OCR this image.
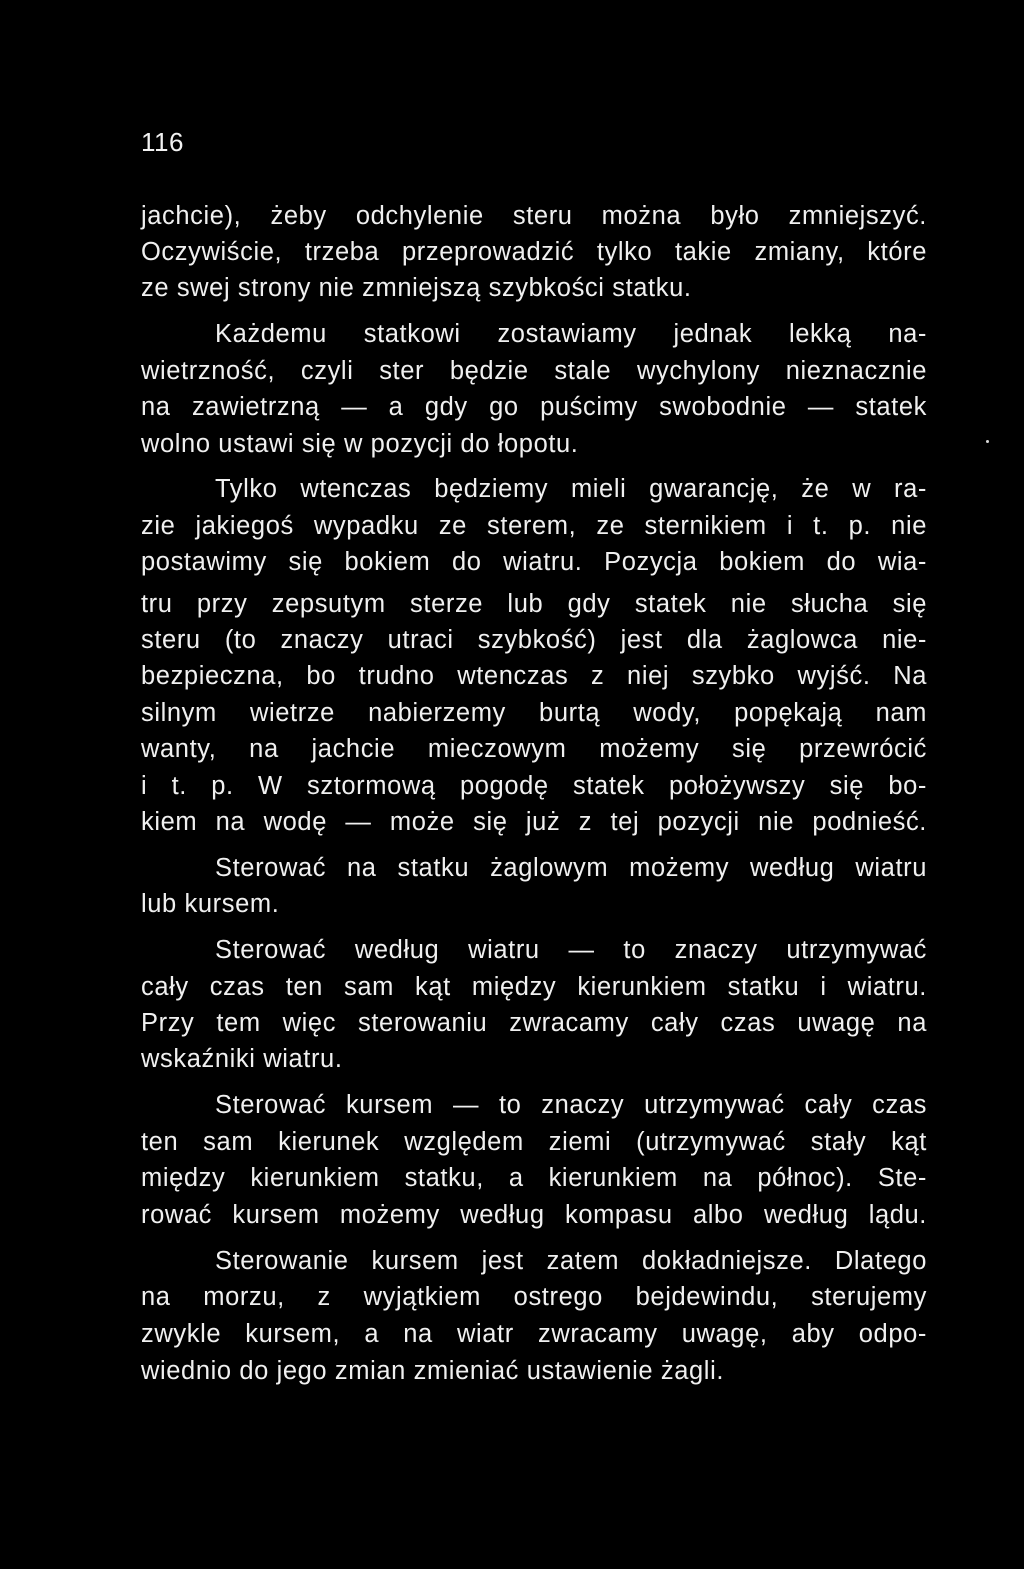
116
jachcie), żeby odchylenie steru można było zmniejszyć.
Oczywiście, trzeba przeprowadzić tylko takie zmiany, które
ze swej strony nie zmniejszą szybkości statku.
Każdemu statkowi zostawiamy jednak lekką na-
wietrzność, czyli ster będzie stale wychylony nieznacznie
na zawietrzną — a gdy go puścimy swobodnie — statek
wolno ustawi się w pozycji do łopotu.
Tylko wtenczas będziemy mieli gwarancję, że w ra-
zie jakiegoś wypadku ze sterem, ze sternikiem i t. p. nie
postawimy się bokiem do wiatru. Pozycja bokiem do wia-
tru przy zepsutym sterze lub gdy statek nie słucha się
steru (to znaczy utraci szybkość) jest dla żaglowca nie-
bezpieczna, bo trudno wtenczas z niej szybko wyjść. Na
silnym wietrze nabierzemy burtą wody, popękają nam
wanty, na jachcie mieczowym możemy się przewrócić
i t. p. W sztormową pogodę statek położywszy się bo-
kiem na wodę — może się już z tej pozycji nie podnieść.
Sterować na statku żaglowym możemy według wiatru
lub kursem.
Sterować według wiatru — to znaczy utrzymywać
cały czas ten sam kąt między kierunkiem statku i wiatru.
Przy tem więc sterowaniu zwracamy cały czas uwagę na
wskaźniki wiatru.
Sterować kursem — to znaczy utrzymywać cały czas
ten sam kierunek względem ziemi (utrzymywać stały kąt
między kierunkiem statku, a kierunkiem na północ). Ste-
rować kursem możemy według kompasu albo według lądu.
Sterowanie kursem jest zatem dokładniejsze. Dlatego
na morzu, z wyjątkiem ostrego bejdewindu, sterujemy
zwykle kursem, a na wiatr zwracamy uwagę, aby odpo-
wiednio do jego zmian zmieniać ustawienie żagli.
